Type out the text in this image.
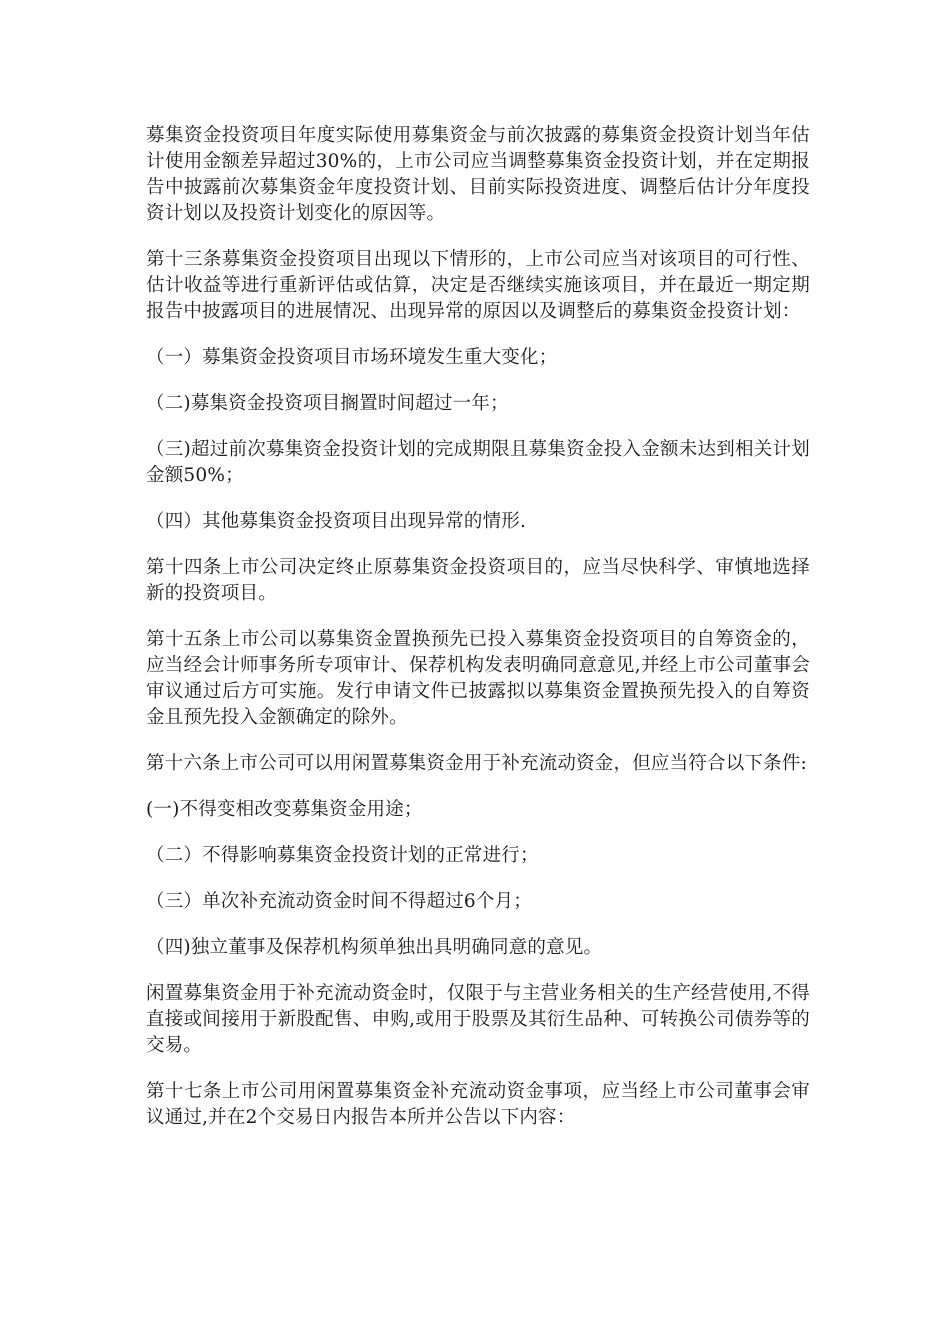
募集资金投资项目年度实际使用募集资金与前次披露的募集资金投资计划当年估计使用金额差异超过30%的，上市公司应当调整募集资金投资计划，并在定期报告中披露前次募集资金年度投资计划、目前实际投资进度、调整后估计分年度投资计划以及投资计划变化的原因等。

第十三条募集资金投资项目出现以下情形的，上市公司应当对该项目的可行性、估计收益等进行重新评估或估算，决定是否继续实施该项目，并在最近一期定期报告中披露项目的进展情况、出现异常的原因以及调整后的募集资金投资计划：

（一）募集资金投资项目市场环境发生重大变化；

（二)募集资金投资项目搁置时间超过一年；

（三)超过前次募集资金投资计划的完成期限且募集资金投入金额未达到相关计划金额50%；

（四）其他募集资金投资项目出现异常的情形.

第十四条上市公司决定终止原募集资金投资项目的，应当尽快科学、审慎地选择新的投资项目。

第十五条上市公司以募集资金置换预先已投入募集资金投资项目的自筹资金的，应当经会计师事务所专项审计、保荐机构发表明确同意意见,并经上市公司董事会审议通过后方可实施。发行申请文件已披露拟以募集资金置换预先投入的自筹资金且预先投入金额确定的除外。

第十六条上市公司可以用闲置募集资金用于补充流动资金，但应当符合以下条件:

(一)不得变相改变募集资金用途；

（二）不得影响募集资金投资计划的正常进行；

（三）单次补充流动资金时间不得超过6个月；

（四)独立董事及保荐机构须单独出具明确同意的意见。

闲置募集资金用于补充流动资金时，仅限于与主营业务相关的生产经营使用,不得直接或间接用于新股配售、申购,或用于股票及其衍生品种、可转换公司债券等的交易。

第十七条上市公司用闲置募集资金补充流动资金事项，应当经上市公司董事会审议通过,并在2个交易日内报告本所并公告以下内容：
